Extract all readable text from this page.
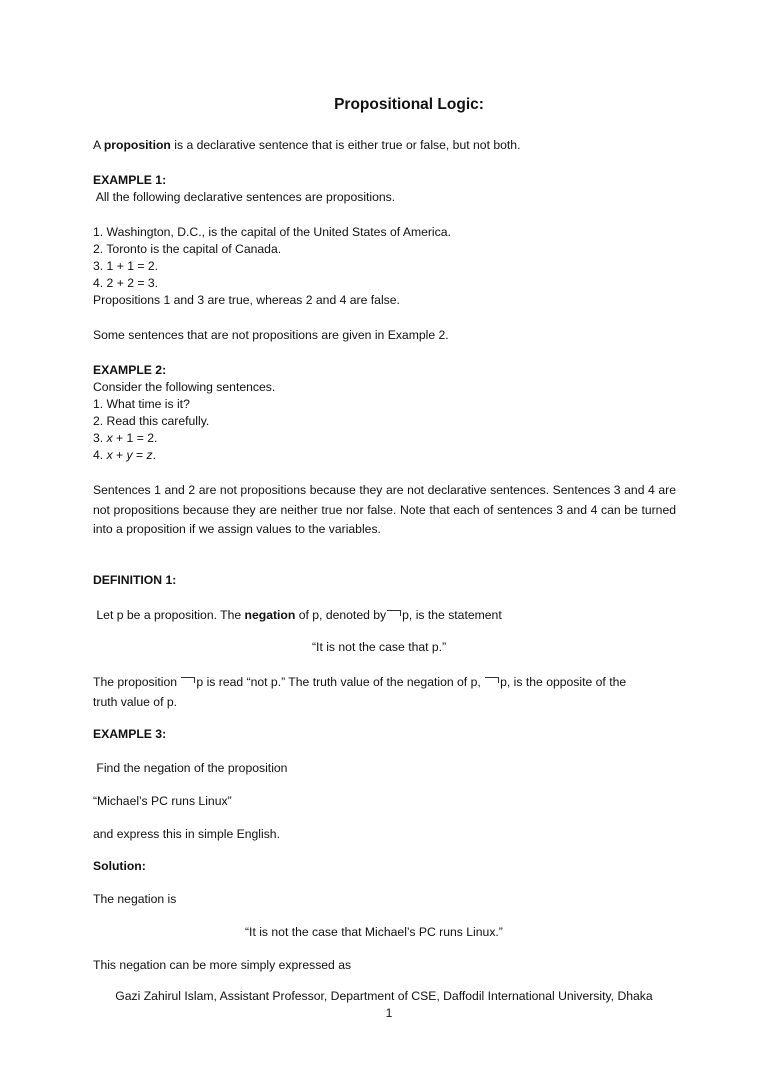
Propositional Logic:
A proposition is a declarative sentence that is either true or false, but not both.
EXAMPLE 1:
All the following declarative sentences are propositions.
1. Washington, D.C., is the capital of the United States of America.
2. Toronto is the capital of Canada.
3. 1 + 1 = 2.
4. 2 + 2 = 3.
Propositions 1 and 3 are true, whereas 2 and 4 are false.
Some sentences that are not propositions are given in Example 2.
EXAMPLE 2:
Consider the following sentences.
1. What time is it?
2. Read this carefully.
3. x + 1 = 2.
4. x + y = z.
Sentences 1 and 2 are not propositions because they are not declarative sentences. Sentences 3 and 4 are not propositions because they are neither true nor false. Note that each of sentences 3 and 4 can be turned into a proposition if we assign values to the variables.
DEFINITION 1:
Let p be a proposition. The negation of p, denoted by p, is the statement
“It is not the case that p.”
The proposition p is read “not p.” The truth value of the negation of p, p, is the opposite of the
truth value of p.
EXAMPLE 3:
Find the negation of the proposition
“Michael’s PC runs Linux”
and express this in simple English.
Solution:
The negation is
“It is not the case that Michael’s PC runs Linux.”
This negation can be more simply expressed as
Gazi Zahirul Islam, Assistant Professor, Department of CSE, Daffodil International University, Dhaka
1
